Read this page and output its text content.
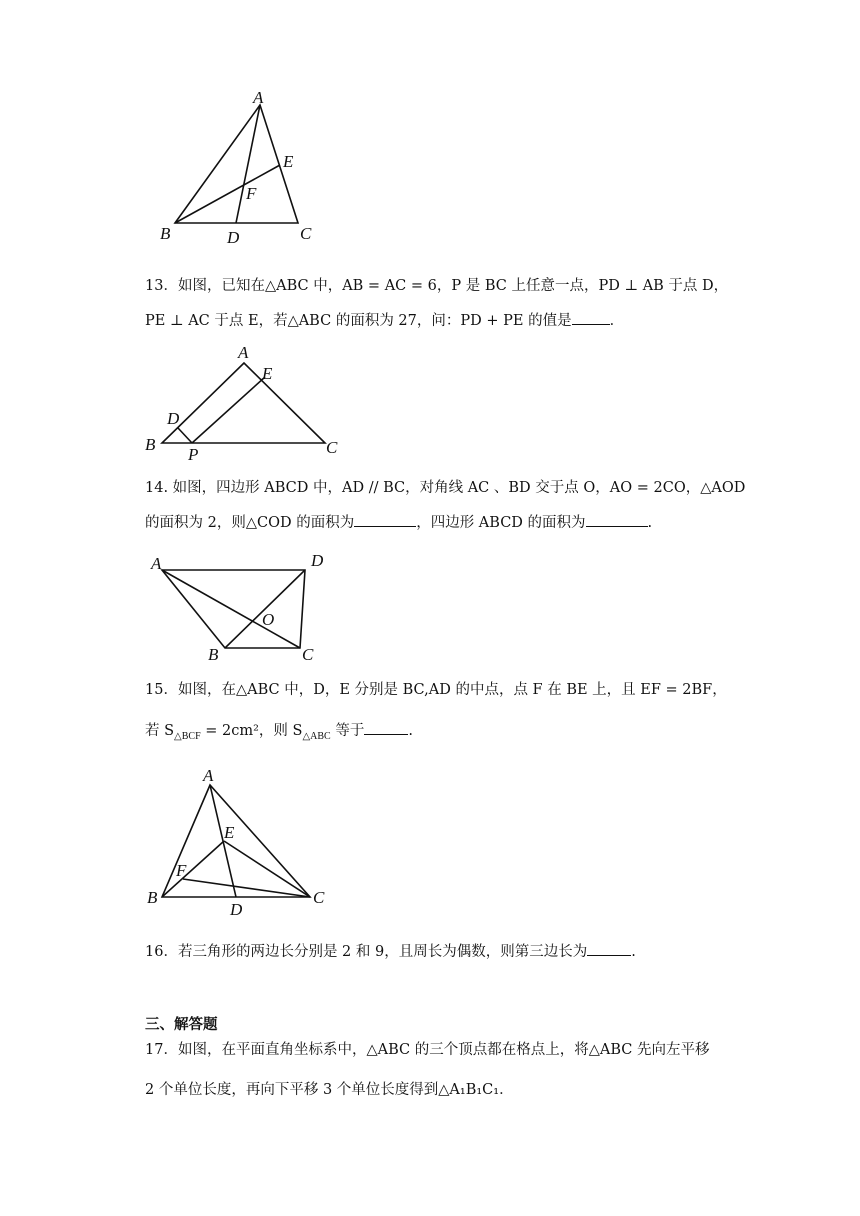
A
B	C
D
E
F
13．如图，已知在△ABC 中，AB = AC = 6，P 是 BC 上任意一点，PD ⊥ AB 于点 D，
PE ⊥ AC 于点 E，若△ABC 的面积为 27，问：PD + PE 的值是	．
A
E
D
B
P	C
14. 如图，四边形 ABCD 中，AD // BC，对角线 AC 、BD 交于点 O，AO = 2CO，△AOD
的面积为 2，则△COD 的面积为	，四边形 ABCD 的面积为	.
A	D
O
B	C
15．如图，在△ABC 中，D，E 分别是 BC,AD 的中点，点 F 在 BE 上，且 EF = 2BF，
若 $S_{\triangle BCF} = 2cm^2$，则 $S_{\triangle ABC}$ 等于	.
A
E
F
B
D
C
16．若三角形的两边长分别是 2 和 9，且周长为偶数，则第三边长为	.
三、解答题
17．如图，在平面直角坐标系中，△ABC 的三个顶点都在格点上，将△ABC 先向左平移
2 个单位长度，再向下平移 3 个单位长度得到△A₁B₁C₁．
